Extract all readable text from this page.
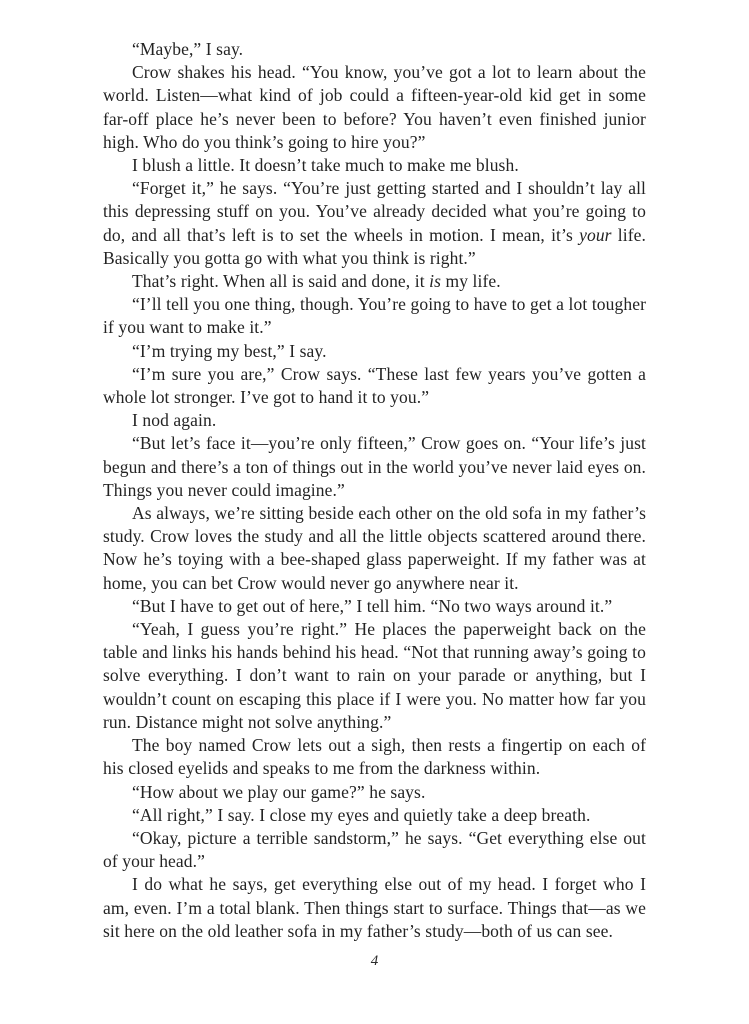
“Maybe,” I say.

Crow shakes his head. “You know, you’ve got a lot to learn about the world. Listen—what kind of job could a fifteen-year-old kid get in some far-off place he’s never been to before? You haven’t even finished junior high. Who do you think’s going to hire you?”

I blush a little. It doesn’t take much to make me blush.

“Forget it,” he says. “You’re just getting started and I shouldn’t lay all this depressing stuff on you. You’ve already decided what you’re going to do, and all that’s left is to set the wheels in motion. I mean, it’s your life. Basically you gotta go with what you think is right.”

That’s right. When all is said and done, it is my life.

“I’ll tell you one thing, though. You’re going to have to get a lot tougher if you want to make it.”

“I’m trying my best,” I say.

“I’m sure you are,” Crow says. “These last few years you’ve gotten a whole lot stronger. I’ve got to hand it to you.”

I nod again.

“But let’s face it—you’re only fifteen,” Crow goes on. “Your life’s just begun and there’s a ton of things out in the world you’ve never laid eyes on. Things you never could imagine.”

As always, we’re sitting beside each other on the old sofa in my father’s study. Crow loves the study and all the little objects scattered around there. Now he’s toying with a bee-shaped glass paperweight. If my father was at home, you can bet Crow would never go anywhere near it.

“But I have to get out of here,” I tell him. “No two ways around it.”

“Yeah, I guess you’re right.” He places the paperweight back on the table and links his hands behind his head. “Not that running away’s going to solve everything. I don’t want to rain on your parade or anything, but I wouldn’t count on escaping this place if I were you. No matter how far you run. Distance might not solve anything.”

The boy named Crow lets out a sigh, then rests a fingertip on each of his closed eyelids and speaks to me from the darkness within.

“How about we play our game?” he says.

“All right,” I say. I close my eyes and quietly take a deep breath.

“Okay, picture a terrible sandstorm,” he says. “Get everything else out of your head.”

I do what he says, get everything else out of my head. I forget who I am, even. I’m a total blank. Then things start to surface. Things that—as we sit here on the old leather sofa in my father’s study—both of us can see.

4
